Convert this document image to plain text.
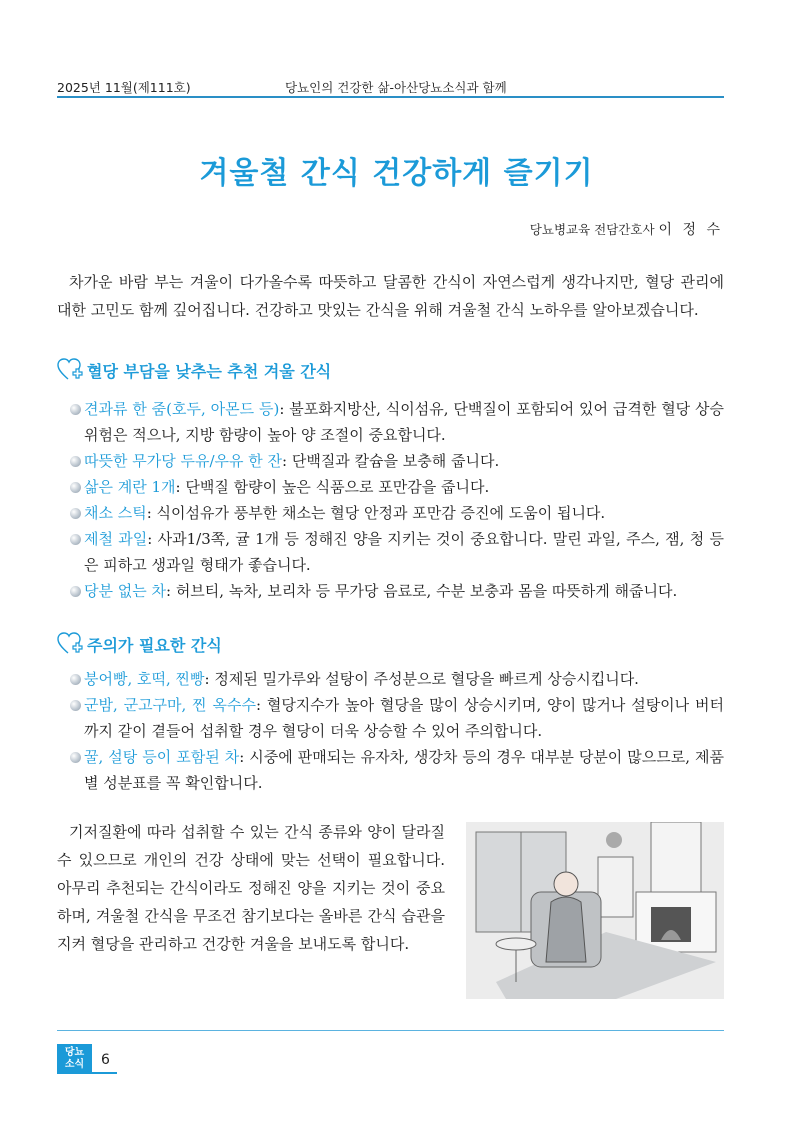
2025년 11월(제111호)	당뇨인의 건강한 삶-아산당뇨소식과 함께
겨울철 간식 건강하게 즐기기
당뇨병교육 전담간호사 이 정 수
차가운 바람 부는 겨울이 다가올수록 따뜻하고 달콤한 간식이 자연스럽게 생각나지만, 혈당 관리에 대한 고민도 함께 깊어집니다. 건강하고 맛있는 간식을 위해 겨울철 간식 노하우를 알아보겠습니다.
혈당 부담을 낮추는 추천 겨울 간식
견과류 한 줌(호두, 아몬드 등): 불포화지방산, 식이섬유, 단백질이 포함되어 있어 급격한 혈당 상승 위험은 적으나, 지방 함량이 높아 양 조절이 중요합니다.
따뜻한 무가당 두유/우유 한 잔: 단백질과 칼슘을 보충해 줍니다.
삶은 계란 1개: 단백질 함량이 높은 식품으로 포만감을 줍니다.
채소 스틱: 식이섬유가 풍부한 채소는 혈당 안정과 포만감 증진에 도움이 됩니다.
제철 과일: 사과1/3쪽, 귤 1개 등 정해진 양을 지키는 것이 중요합니다. 말린 과일, 주스, 잼, 청 등은 피하고 생과일 형태가 좋습니다.
당분 없는 차: 허브티, 녹차, 보리차 등 무가당 음료로, 수분 보충과 몸을 따뜻하게 해줍니다.
주의가 필요한 간식
붕어빵, 호떡, 찐빵: 정제된 밀가루와 설탕이 주성분으로 혈당을 빠르게 상승시킵니다.
군밤, 군고구마, 찐 옥수수: 혈당지수가 높아 혈당을 많이 상승시키며, 양이 많거나 설탕이나 버터까지 같이 곁들어 섭취할 경우 혈당이 더욱 상승할 수 있어 주의합니다.
꿀, 설탕 등이 포함된 차: 시중에 판매되는 유자차, 생강차 등의 경우 대부분 당분이 많으므로, 제품별 성분표를 꼭 확인합니다.
기저질환에 따라 섭취할 수 있는 간식 종류와 양이 달라질 수 있으므로 개인의 건강 상태에 맞는 선택이 필요합니다. 아무리 추천되는 간식이라도 정해진 양을 지키는 것이 중요하며, 겨울철 간식을 무조건 참기보다는 올바른 간식 습관을 지켜 혈당을 관리하고 건강한 겨울을 보내도록 합니다.
당뇨
소식	6
